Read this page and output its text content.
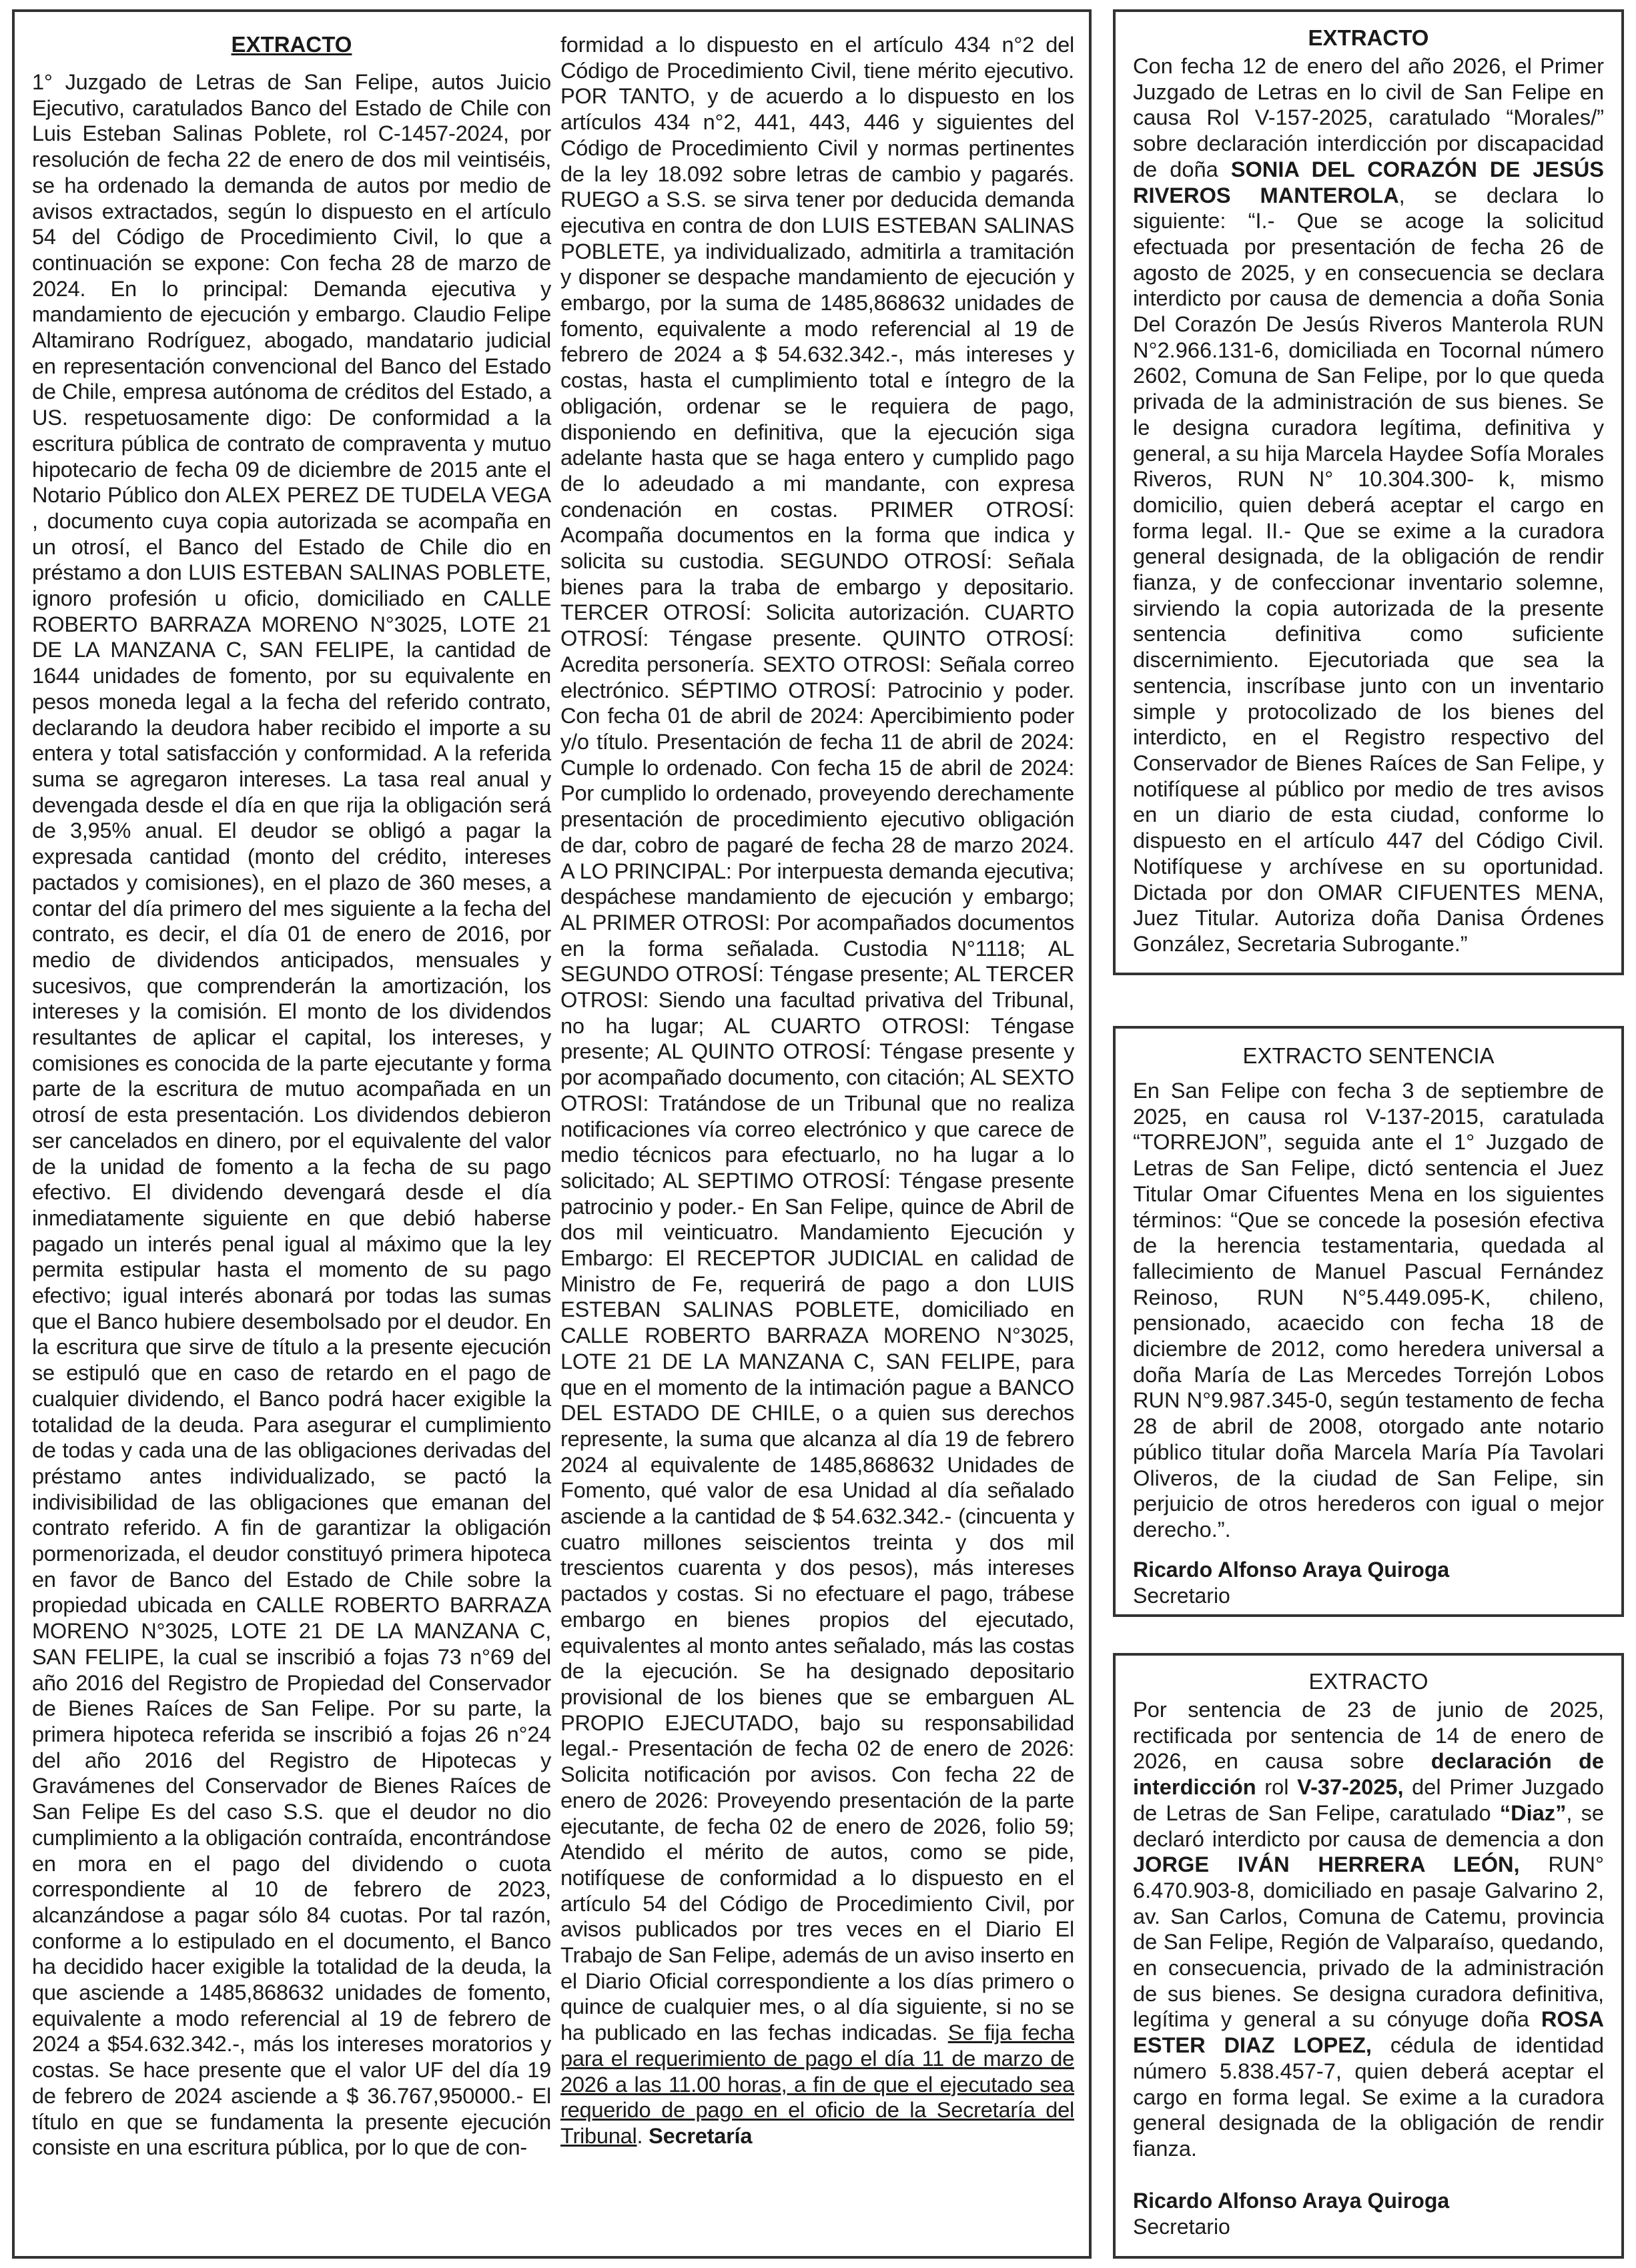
EXTRACTO

1° Juzgado de Letras de San Felipe, autos Juicio Ejecutivo, caratulados Banco del Estado de Chile con Luis Esteban Salinas Poblete, rol C-1457-2024, por resolución de fecha 22 de enero de dos mil veintiséis, se ha ordenado la demanda de autos por medio de avisos extractados, según lo dispuesto en el artículo 54 del Código de Procedimiento Civil, lo que a continuación se expone: Con fecha 28 de marzo de 2024. En lo principal: Demanda ejecutiva y mandamiento de ejecución y embargo. Claudio Felipe Altamirano Rodríguez, abogado, mandatario judicial en representación convencional del Banco del Estado de Chile, empresa autónoma de créditos del Estado, a US. respetuosamente digo: De conformidad a la escritura pública de contrato de compraventa y mutuo hipotecario de fecha 09 de diciembre de 2015 ante el Notario Público don ALEX PEREZ DE TUDELA VEGA , documento cuya copia autorizada se acompaña en un otrosí, el Banco del Estado de Chile dio en préstamo a don LUIS ESTEBAN SALINAS POBLETE, ignoro profesión u oficio, domiciliado en CALLE ROBERTO BARRAZA MORENO N°3025, LOTE 21 DE LA MANZANA C, SAN FELIPE, la cantidad de 1644 unidades de fomento, por su equivalente en pesos moneda legal a la fecha del referido contrato, declarando la deudora haber recibido el importe a su entera y total satisfacción y conformidad. A la referida suma se agregaron intereses. La tasa real anual y devengada desde el día en que rija la obligación será de 3,95% anual. El deudor se obligó a pagar la expresada cantidad (monto del crédito, intereses pactados y comisiones), en el plazo de 360 meses, a contar del día primero del mes siguiente a la fecha del contrato, es decir, el día 01 de enero de 2016, por medio de dividendos anticipados, mensuales y sucesivos, que comprenderán la amortización, los intereses y la comisión. El monto de los dividendos resultantes de aplicar el capital, los intereses, y comisiones es conocida de la parte ejecutante y forma parte de la escritura de mutuo acompañada en un otrosí de esta presentación. Los dividendos debieron ser cancelados en dinero, por el equivalente del valor de la unidad de fomento a la fecha de su pago efectivo. El dividendo devengará desde el día inmediatamente siguiente en que debió haberse pagado un interés penal igual al máximo que la ley permita estipular hasta el momento de su pago efectivo; igual interés abonará por todas las sumas que el Banco hubiere desembolsado por el deudor. En la escritura que sirve de título a la presente ejecución se estipuló que en caso de retardo en el pago de cualquier dividendo, el Banco podrá hacer exigible la totalidad de la deuda. Para asegurar el cumplimiento de todas y cada una de las obligaciones derivadas del préstamo antes individualizado, se pactó la indivisibilidad de las obligaciones que emanan del contrato referido. A fin de garantizar la obligación pormenorizada, el deudor constituyó primera hipoteca en favor de Banco del Estado de Chile sobre la propiedad ubicada en CALLE ROBERTO BARRAZA MORENO N°3025, LOTE 21 DE LA MANZANA C, SAN FELIPE, la cual se inscribió a fojas 73 n°69 del año 2016 del Registro de Propiedad del Conservador de Bienes Raíces de San Felipe. Por su parte, la primera hipoteca referida se inscribió a fojas 26 n°24 del año 2016 del Registro de Hipotecas y Gravámenes del Conservador de Bienes Raíces de San Felipe Es del caso S.S. que el deudor no dio cumplimiento a la obligación contraída, encontrándose en mora en el pago del dividendo o cuota correspondiente al 10 de febrero de 2023, alcanzándose a pagar sólo 84 cuotas. Por tal razón, conforme a lo estipulado en el documento, el Banco ha decidido hacer exigible la totalidad de la deuda, la que asciende a 1485,868632 unidades de fomento, equivalente a modo referencial al 19 de febrero de 2024 a $54.632.342.-, más los intereses moratorios y costas. Se hace presente que el valor UF del día 19 de febrero de 2024 asciende a $ 36.767,950000.- El título en que se fundamenta la presente ejecución consiste en una escritura pública, por lo que de con-

formidad a lo dispuesto en el artículo 434 n°2 del Código de Procedimiento Civil, tiene mérito ejecutivo. POR TANTO, y de acuerdo a lo dispuesto en los artículos 434 n°2, 441, 443, 446 y siguientes del Código de Procedimiento Civil y normas pertinentes de la ley 18.092 sobre letras de cambio y pagarés. RUEGO a S.S. se sirva tener por deducida demanda ejecutiva en contra de don LUIS ESTEBAN SALINAS POBLETE, ya individualizado, admitirla a tramitación y disponer se despache mandamiento de ejecución y embargo, por la suma de 1485,868632 unidades de fomento, equivalente a modo referencial al 19 de febrero de 2024 a $ 54.632.342.-, más intereses y costas, hasta el cumplimiento total e íntegro de la obligación, ordenar se le requiera de pago, disponiendo en definitiva, que la ejecución siga adelante hasta que se haga entero y cumplido pago de lo adeudado a mi mandante, con expresa condenación en costas. PRIMER OTROSÍ: Acompaña documentos en la forma que indica y solicita su custodia. SEGUNDO OTROSÍ: Señala bienes para la traba de embargo y depositario. TERCER OTROSÍ: Solicita autorización. CUARTO OTROSÍ: Téngase presente. QUINTO OTROSÍ: Acredita personería. SEXTO OTROSI: Señala correo electrónico. SÉPTIMO OTROSÍ: Patrocinio y poder. Con fecha 01 de abril de 2024: Apercibimiento poder y/o título. Presentación de fecha 11 de abril de 2024: Cumple lo ordenado. Con fecha 15 de abril de 2024: Por cumplido lo ordenado, proveyendo derechamente presentación de procedimiento ejecutivo obligación de dar, cobro de pagaré de fecha 28 de marzo 2024. A LO PRINCIPAL: Por interpuesta demanda ejecutiva; despáchese mandamiento de ejecución y embargo; AL PRIMER OTROSI: Por acompañados documentos en la forma señalada. Custodia N°1118; AL SEGUNDO OTROSÍ: Téngase presente; AL TERCER OTROSI: Siendo una facultad privativa del Tribunal, no ha lugar; AL CUARTO OTROSI: Téngase presente; AL QUINTO OTROSÍ: Téngase presente y por acompañado documento, con citación; AL SEXTO OTROSI: Tratándose de un Tribunal que no realiza notificaciones vía correo electrónico y que carece de medio técnicos para efectuarlo, no ha lugar a lo solicitado; AL SEPTIMO OTROSÍ: Téngase presente patrocinio y poder.- En San Felipe, quince de Abril de dos mil veinticuatro. Mandamiento Ejecución y Embargo: El RECEPTOR JUDICIAL en calidad de Ministro de Fe, requerirá de pago a don LUIS ESTEBAN SALINAS POBLETE, domiciliado en CALLE ROBERTO BARRAZA MORENO N°3025, LOTE 21 DE LA MANZANA C, SAN FELIPE, para que en el momento de la intimación pague a BANCO DEL ESTADO DE CHILE, o a quien sus derechos represente, la suma que alcanza al día 19 de febrero 2024 al equivalente de 1485,868632 Unidades de Fomento, qué valor de esa Unidad al día señalado asciende a la cantidad de $ 54.632.342.- (cincuenta y cuatro millones seiscientos treinta y dos mil trescientos cuarenta y dos pesos), más intereses pactados y costas. Si no efectuare el pago, trábese embargo en bienes propios del ejecutado, equivalentes al monto antes señalado, más las costas de la ejecución. Se ha designado depositario provisional de los bienes que se embarguen AL PROPIO EJECUTADO, bajo su responsabilidad legal.- Presentación de fecha 02 de enero de 2026: Solicita notificación por avisos. Con fecha 22 de enero de 2026: Proveyendo presentación de la parte ejecutante, de fecha 02 de enero de 2026, folio 59; Atendido el mérito de autos, como se pide, notifíquese de conformidad a lo dispuesto en el artículo 54 del Código de Procedimiento Civil, por avisos publicados por tres veces en el Diario El Trabajo de San Felipe, además de un aviso inserto en el Diario Oficial correspondiente a los días primero o quince de cualquier mes, o al día siguiente, si no se ha publicado en las fechas indicadas. Se fija fecha para el requerimiento de pago el día 11 de marzo de 2026 a las 11.00 horas, a fin de que el ejecutado sea requerido de pago en el oficio de la Secretaría del Tribunal. Secretaría

EXTRACTO

Con fecha 12 de enero del año 2026, el Primer Juzgado de Letras en lo civil de San Felipe en causa Rol V-157-2025, caratulado “Morales/” sobre declaración interdicción por discapacidad de doña SONIA DEL CORAZÓN DE JESÚS RIVEROS MANTEROLA, se declara lo siguiente: “I.- Que se acoge la solicitud efectuada por presentación de fecha 26 de agosto de 2025, y en consecuencia se declara interdicto por causa de demencia a doña Sonia Del Corazón De Jesús Riveros Manterola RUN N°2.966.131-6, domiciliada en Tocornal número 2602, Comuna de San Felipe, por lo que queda privada de la administración de sus bienes. Se le designa curadora legítima, definitiva y general, a su hija Marcela Haydee Sofía Morales Riveros, RUN N° 10.304.300- k, mismo domicilio, quien deberá aceptar el cargo en forma legal. II.- Que se exime a la curadora general designada, de la obligación de rendir fianza, y de confeccionar inventario solemne, sirviendo la copia autorizada de la presente sentencia definitiva como suficiente discernimiento. Ejecutoriada que sea la sentencia, inscríbase junto con un inventario simple y protocolizado de los bienes del interdicto, en el Registro respectivo del Conservador de Bienes Raíces de San Felipe, y notifíquese al público por medio de tres avisos en un diario de esta ciudad, conforme lo dispuesto en el artículo 447 del Código Civil. Notifíquese y archívese en su oportunidad. Dictada por don OMAR CIFUENTES MENA, Juez Titular. Autoriza doña Danisa Órdenes González, Secretaria Subrogante.”

EXTRACTO SENTENCIA

En San Felipe con fecha 3 de septiembre de 2025, en causa rol V-137-2015, caratulada “TORREJON”, seguida ante el 1° Juzgado de Letras de San Felipe, dictó sentencia el Juez Titular Omar Cifuentes Mena en los siguientes términos: “Que se concede la posesión efectiva de la herencia testamentaria, quedada al fallecimiento de Manuel Pascual Fernández Reinoso, RUN N°5.449.095-K, chileno, pensionado, acaecido con fecha 18 de diciembre de 2012, como heredera universal a doña María de Las Mercedes Torrejón Lobos RUN N°9.987.345-0, según testamento de fecha 28 de abril de 2008, otorgado ante notario público titular doña Marcela María Pía Tavolari Oliveros, de la ciudad de San Felipe, sin perjuicio de otros herederos con igual o mejor derecho.”.

Ricardo Alfonso Araya Quiroga
Secretario
EXTRACTO

Por sentencia de 23 de junio de 2025, rectificada por sentencia de 14 de enero de 2026, en causa sobre declaración de interdicción rol V-37-2025, del Primer Juzgado de Letras de San Felipe, caratulado “Diaz”, se declaró interdicto por causa de demencia a don JORGE IVÁN HERRERA LEÓN, RUN° 6.470.903-8, domiciliado en pasaje Galvarino 2, av. San Carlos, Comuna de Catemu, provincia de San Felipe, Región de Valparaíso, quedando, en consecuencia, privado de la administración de sus bienes. Se designa curadora definitiva, legítima y general a su cónyuge doña ROSA ESTER DIAZ LOPEZ, cédula de identidad número 5.838.457-7, quien deberá aceptar el cargo en forma legal. Se exime a la curadora general designada de la obligación de rendir fianza.

Ricardo Alfonso Araya Quiroga
Secretario
